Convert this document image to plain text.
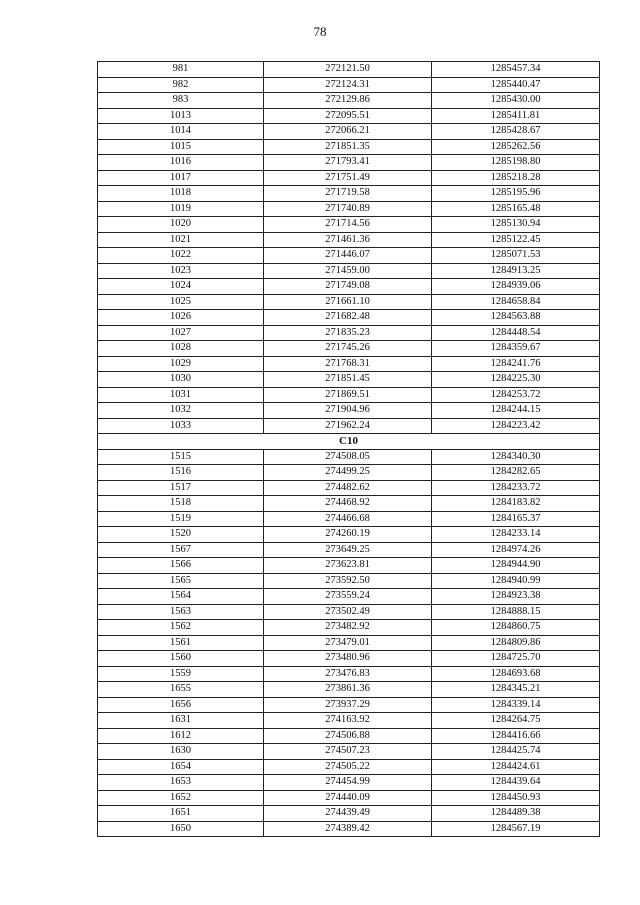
78
981	272121.50	1285457.34
982	272124.31	1285440.47
983	272129.86	1285430.00
1013	272095.51	1285411.81
1014	272066.21	1285428.67
1015	271851.35	1285262.56
1016	271793.41	1285198.80
1017	271751.49	1285218.28
1018	271719.58	1285195.96
1019	271740.89	1285165.48
1020	271714.56	1285130.94
1021	271461.36	1285122.45
1022	271446.07	1285071.53
1023	271459.00	1284913.25
1024	271749.08	1284939.06
1025	271661.10	1284658.84
1026	271682.48	1284563.88
1027	271835.23	1284448.54
1028	271745.26	1284359.67
1029	271768.31	1284241.76
1030	271851.45	1284225.30
1031	271869.51	1284253.72
1032	271904.96	1284244.15
1033	271962.24	1284223.42
C10		
1515	274508.05	1284340.30
1516	274499.25	1284282.65
1517	274482.62	1284233.72
1518	274468.92	1284183.82
1519	274466.68	1284165.37
1520	274260.19	1284233.14
1567	273649.25	1284974.26
1566	273623.81	1284944.90
1565	273592.50	1284940.99
1564	273559.24	1284923.38
1563	273502.49	1284888.15
1562	273482.92	1284860.75
1561	273479.01	1284809.86
1560	273480.96	1284725.70
1559	273476.83	1284693.68
1655	273861.36	1284345.21
1656	273937.29	1284339.14
1631	274163.92	1284264.75
1612	274506.88	1284416.66
1630	274507.23	1284425.74
1654	274505.22	1284424.61
1653	274454.99	1284439.64
1652	274440.09	1284450.93
1651	274439.49	1284489.38
1650	274389.42	1284567.19
